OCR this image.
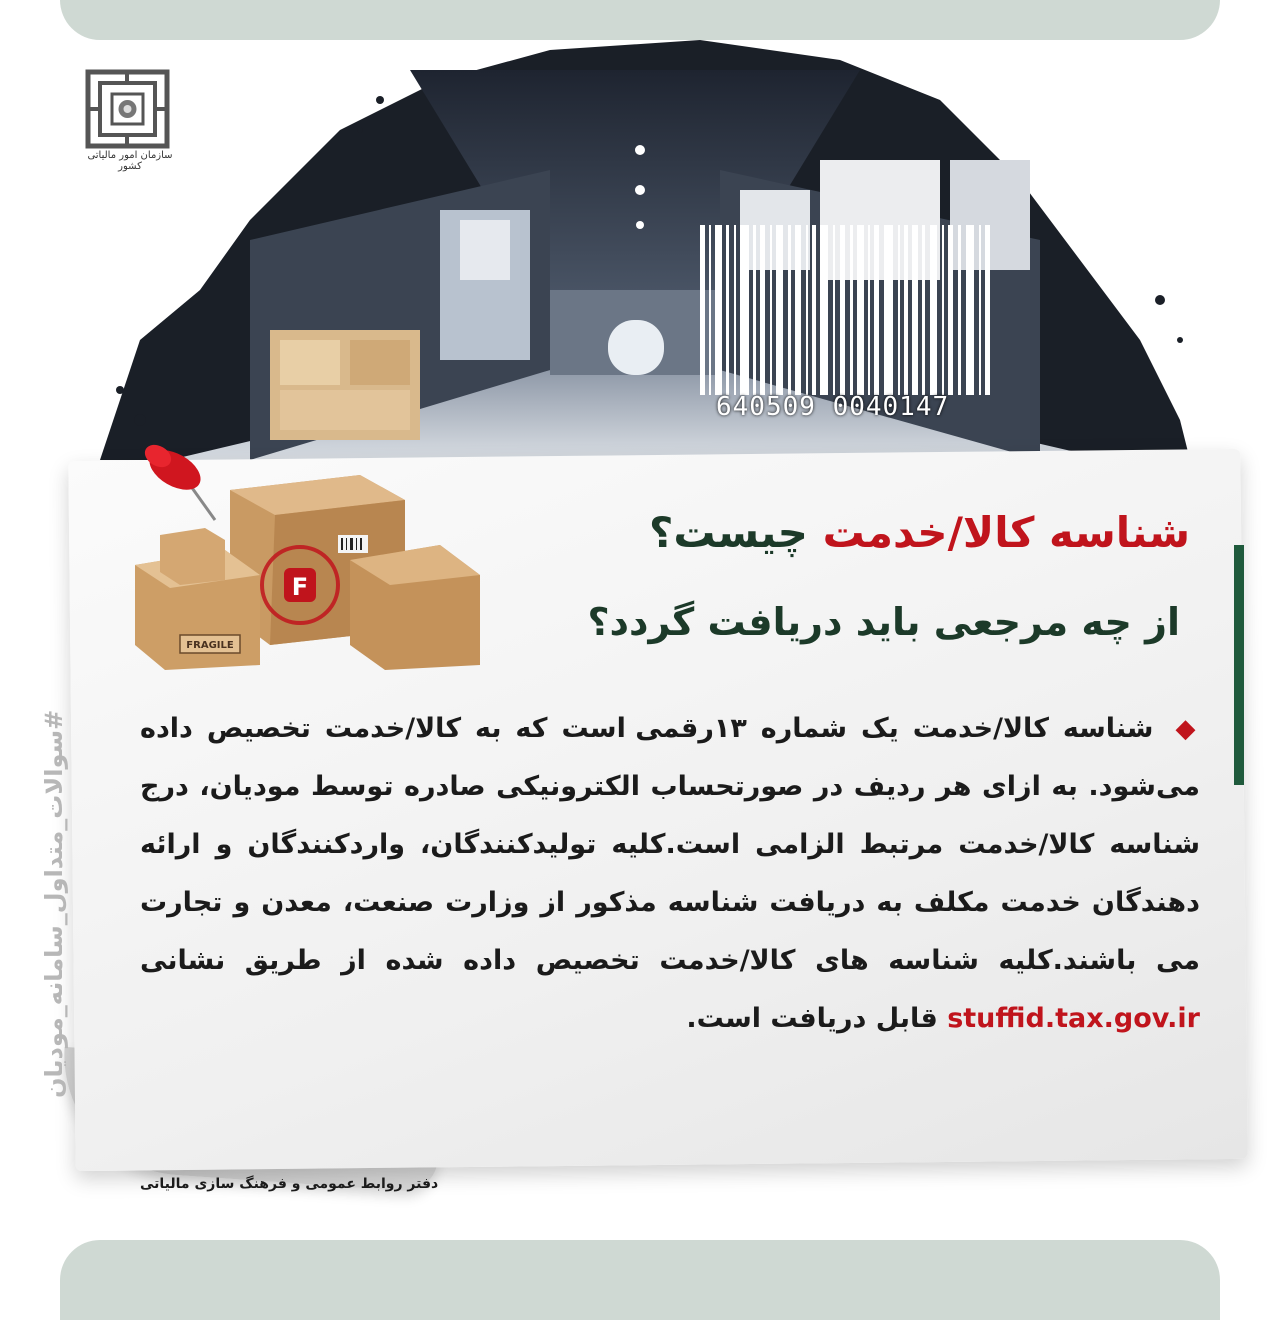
640509 0040147
سازمان امور مالیاتی کشور
FRAGILE
F
شناسه کالا/خدمت چیست؟
از چه مرجعی باید دریافت گردد؟
◆ شناسه کالا/خدمت یک شماره ۱۳رقمی است که به کالا/خدمت تخصیص داده می‌شود. به ازای هر ردیف در صورتحساب الکترونیکی صادره توسط مودیان، درج شناسه کالا/خدمت مرتبط الزامی است.کلیه تولیدکنندگان، واردکنندگان و ارائه دهندگان خدمت مکلف به دریافت شناسه مذکور از وزارت صنعت، معدن و تجارت می باشند.کلیه شناسه های کالا/خدمت تخصیص داده شده از طریق نشانی stuffid.tax.gov.ir قابل دریافت است.
#سوالات_متداول_سامانه_مودیان
دفتر روابط عمومی و فرهنگ سازی مالیاتی
